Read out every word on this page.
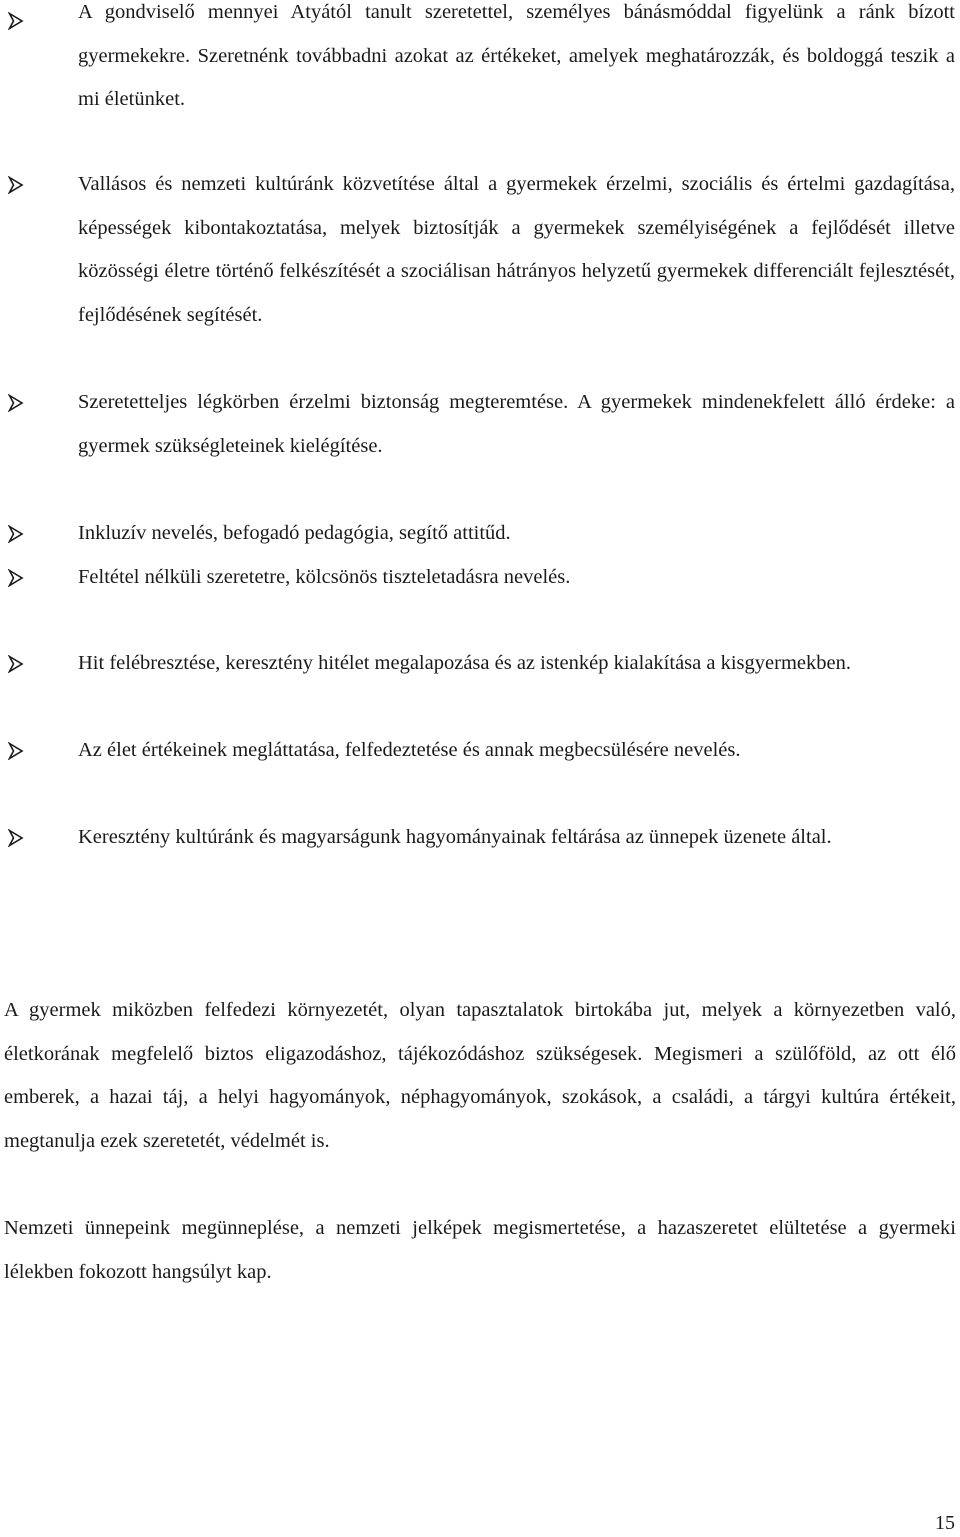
A gondviselő mennyei Atyától tanult szeretettel, személyes bánásmóddal figyelünk a ránk bízott gyermekekre. Szeretnénk továbbadni azokat az értékeket, amelyek meghatározzák, és boldoggá teszik a mi életünket.

Vallásos és nemzeti kultúránk közvetítése által a gyermekek érzelmi, szociális és értelmi gazdagítása, képességek kibontakoztatása, melyek biztosítják a gyermekek személyiségének a fejlődését illetve közösségi életre történő felkészítését a szociálisan hátrányos helyzetű gyermekek differenciált fejlesztését, fejlődésének segítését.

Szeretetteljes légkörben érzelmi biztonság megteremtése. A gyermekek mindenekfelett álló érdeke: a gyermek szükségleteinek kielégítése.

Inkluzív nevelés, befogadó pedagógia, segítő attitűd.

Feltétel nélküli szeretetre, kölcsönös tiszteletadásra nevelés.

Hit felébresztése, keresztény hitélet megalapozása és az istenkép kialakítása a kisgyermekben.

Az élet értékeinek megláttatása, felfedeztetése és annak megbecsülésére nevelés.

Keresztény kultúránk és magyarságunk hagyományainak feltárása az ünnepek üzenete által.

A gyermek miközben felfedezi környezetét, olyan tapasztalatok birtokába jut, melyek a környezetben való, életkorának megfelelő biztos eligazodáshoz, tájékozódáshoz szükségesek. Megismeri a szülőföld, az ott élő emberek, a hazai táj, a helyi hagyományok, néphagyományok, szokások, a családi, a tárgyi kultúra értékeit, megtanulja ezek szeretetét, védelmét is.

Nemzeti ünnepeink megünneplése, a nemzeti jelképek megismertetése, a hazaszeretet elültetése a gyermeki lélekben fokozott hangsúlyt kap.

15
